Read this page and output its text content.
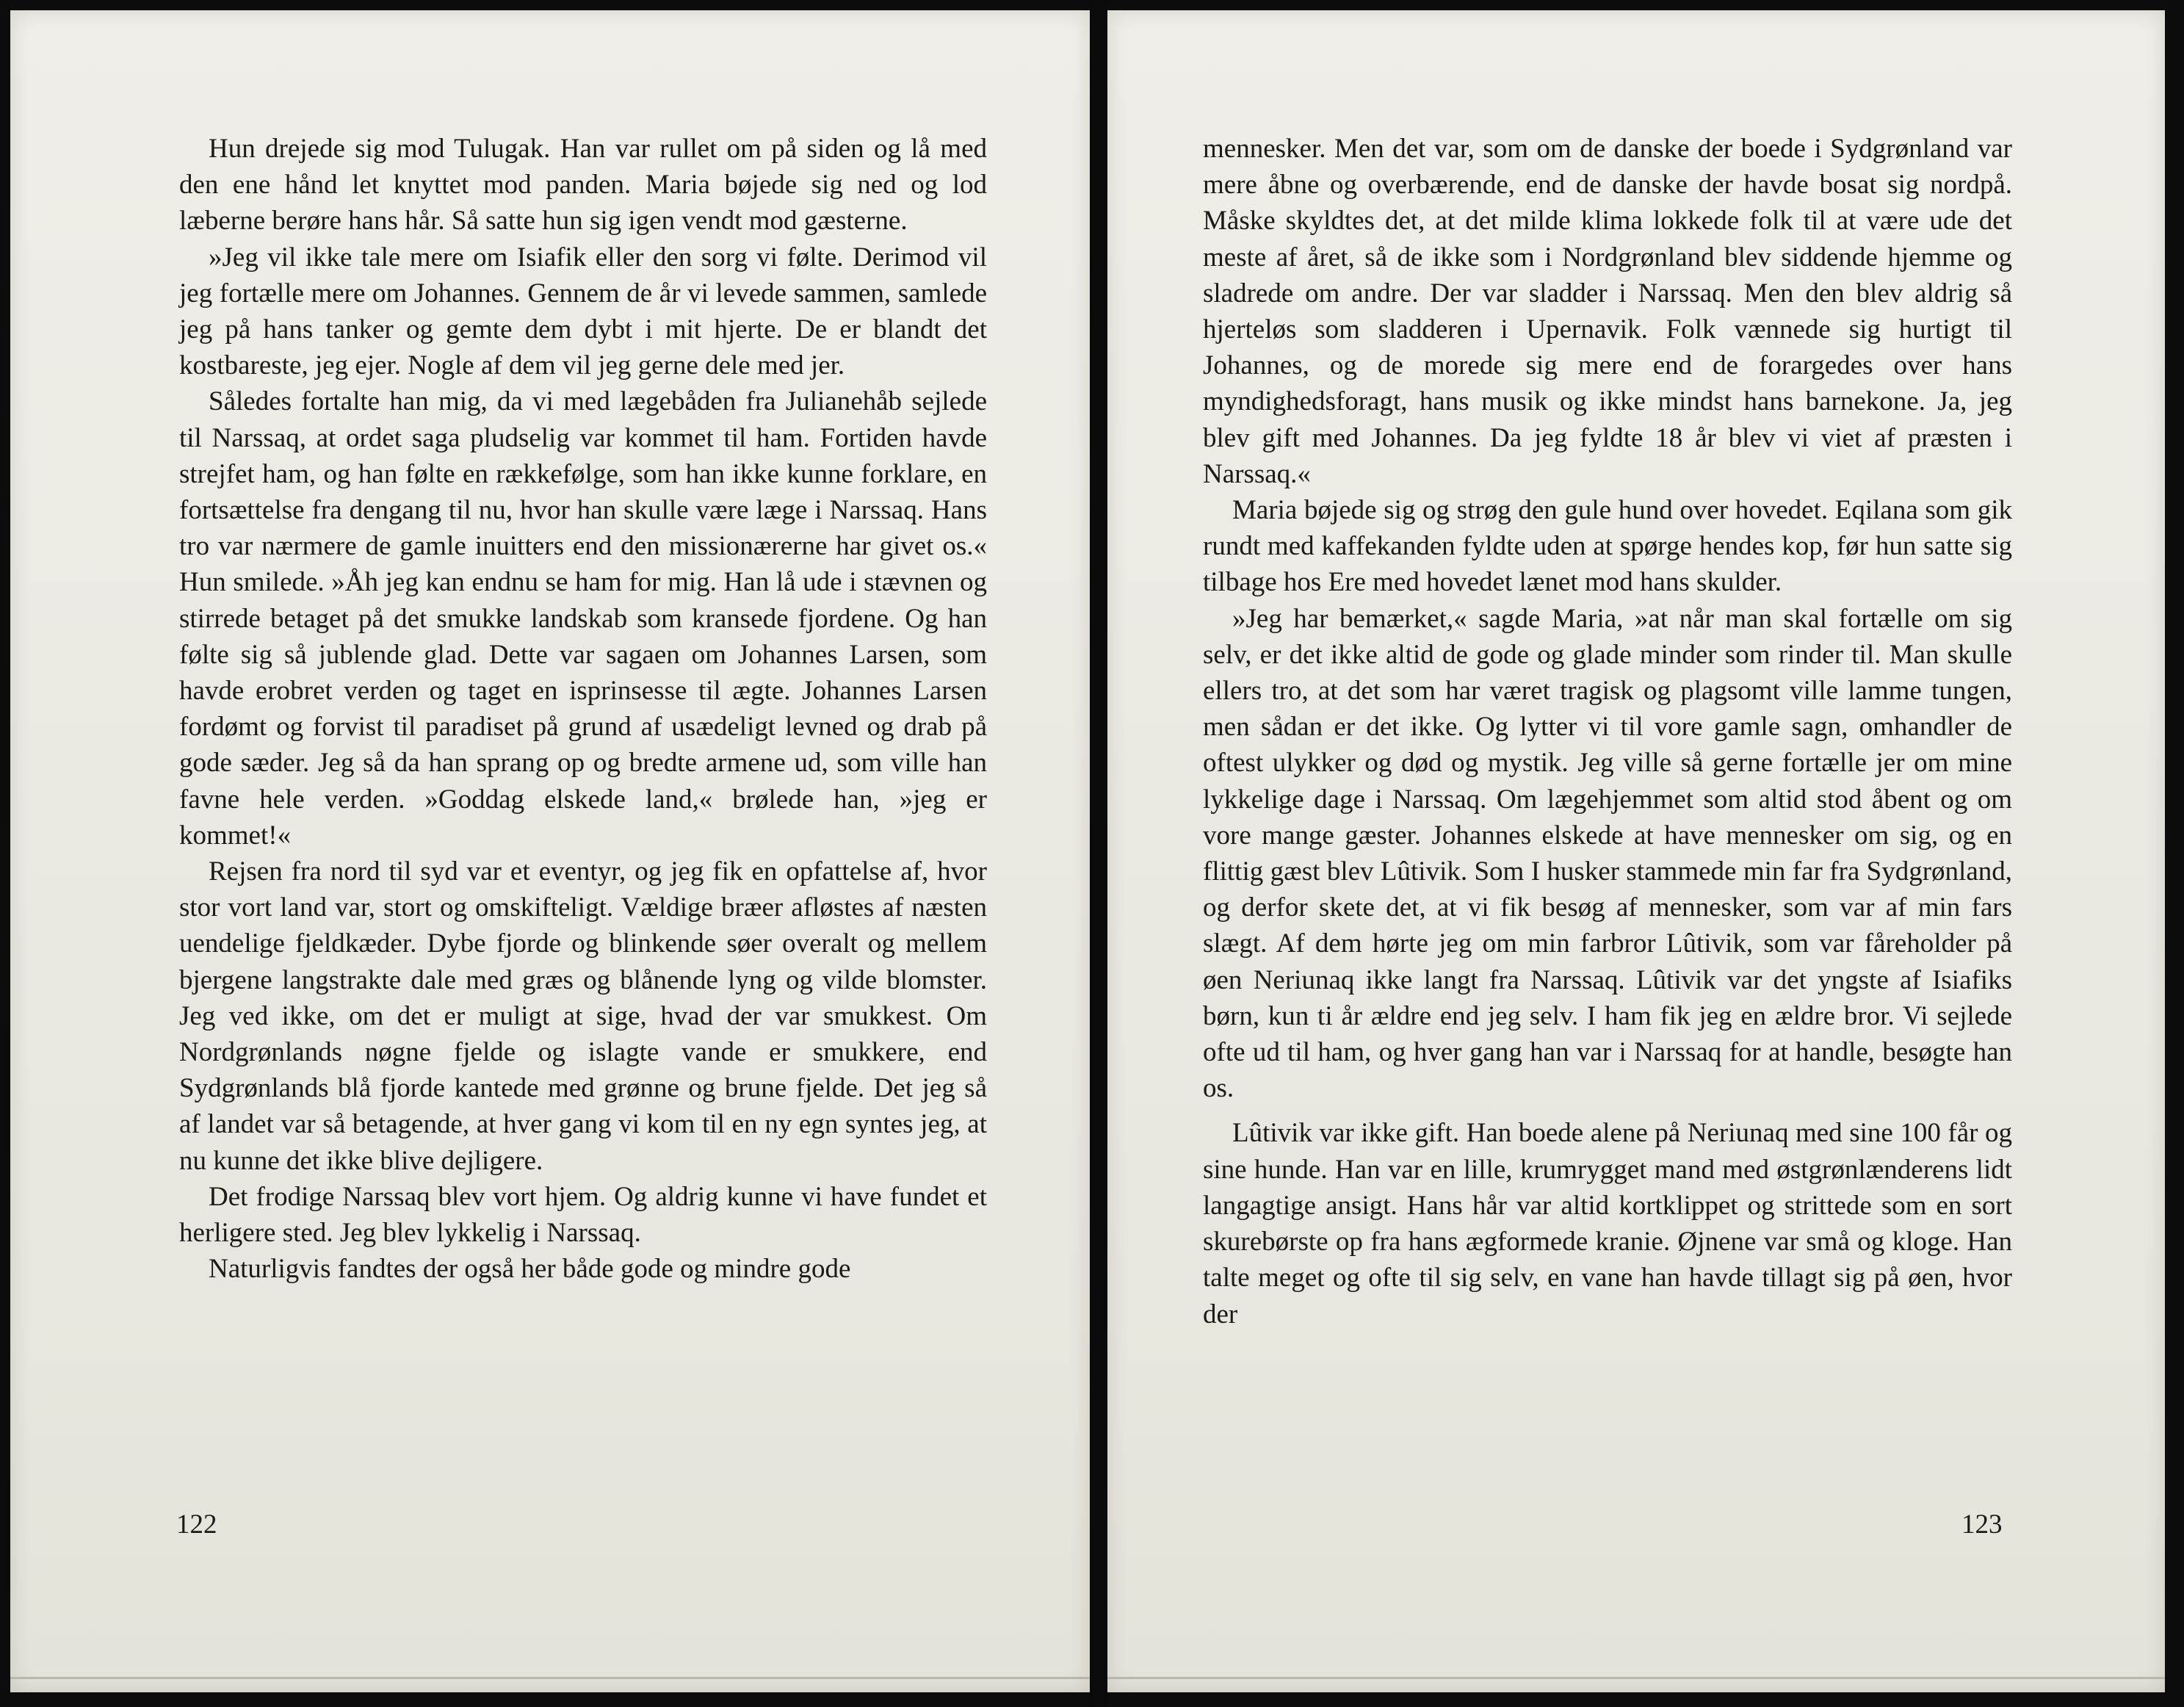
Hun drejede sig mod Tulugak. Han var rullet om på siden og lå med den ene hånd let knyttet mod panden. Maria bøjede sig ned og lod læberne berøre hans hår. Så satte hun sig igen vendt mod gæsterne.

»Jeg vil ikke tale mere om Isiafik eller den sorg vi følte. Derimod vil jeg fortælle mere om Johannes. Gennem de år vi levede sammen, samlede jeg på hans tanker og gemte dem dybt i mit hjerte. De er blandt det kostbareste, jeg ejer. Nogle af dem vil jeg gerne dele med jer.

Således fortalte han mig, da vi med lægebåden fra Julianehåb sejlede til Narssaq, at ordet saga pludselig var kommet til ham. Fortiden havde strejfet ham, og han følte en rækkefølge, som han ikke kunne forklare, en fortsættelse fra dengang til nu, hvor han skulle være læge i Narssaq. Hans tro var nærmere de gamle inuitters end den missionærerne har givet os.« Hun smilede. »Åh jeg kan endnu se ham for mig. Han lå ude i stævnen og stirrede betaget på det smukke landskab som kransede fjordene. Og han følte sig så jublende glad. Dette var sagaen om Johannes Larsen, som havde erobret verden og taget en isprinsesse til ægte. Johannes Larsen fordømt og forvist til paradiset på grund af usædeligt levned og drab på gode sæder. Jeg så da han sprang op og bredte armene ud, som ville han favne hele verden. »Goddag elskede land,« brølede han, »jeg er kommet!«

Rejsen fra nord til syd var et eventyr, og jeg fik en opfattelse af, hvor stor vort land var, stort og omskifteligt. Vældige bræer afløstes af næsten uendelige fjeldkæder. Dybe fjorde og blinkende søer overalt og mellem bjergene langstrakte dale med græs og blånende lyng og vilde blomster. Jeg ved ikke, om det er muligt at sige, hvad der var smukkest. Om Nordgrønlands nøgne fjelde og islagte vande er smukkere, end Sydgrønlands blå fjorde kantede med grønne og brune fjelde. Det jeg så af landet var så betagende, at hver gang vi kom til en ny egn syntes jeg, at nu kunne det ikke blive dejligere.

Det frodige Narssaq blev vort hjem. Og aldrig kunne vi have fundet et herligere sted. Jeg blev lykkelig i Narssaq.

Naturligvis fandtes der også her både gode og mindre gode

122

mennesker. Men det var, som om de danske der boede i Sydgrønland var mere åbne og overbærende, end de danske der havde bosat sig nordpå. Måske skyldtes det, at det milde klima lokkede folk til at være ude det meste af året, så de ikke som i Nordgrønland blev siddende hjemme og sladrede om andre. Der var sladder i Narssaq. Men den blev aldrig så hjerteløs som sladderen i Upernavik. Folk vænnede sig hurtigt til Johannes, og de morede sig mere end de forargedes over hans myndighedsforagt, hans musik og ikke mindst hans barnekone. Ja, jeg blev gift med Johannes. Da jeg fyldte 18 år blev vi viet af præsten i Narssaq.«

Maria bøjede sig og strøg den gule hund over hovedet. Eqilana som gik rundt med kaffekanden fyldte uden at spørge hendes kop, før hun satte sig tilbage hos Ere med hovedet lænet mod hans skulder.

»Jeg har bemærket,« sagde Maria, »at når man skal fortælle om sig selv, er det ikke altid de gode og glade minder som rinder til. Man skulle ellers tro, at det som har været tragisk og plagsomt ville lamme tungen, men sådan er det ikke. Og lytter vi til vore gamle sagn, omhandler de oftest ulykker og død og mystik. Jeg ville så gerne fortælle jer om mine lykkelige dage i Narssaq. Om lægehjemmet som altid stod åbent og om vore mange gæster. Johannes elskede at have mennesker om sig, og en flittig gæst blev Lûtivik. Som I husker stammede min far fra Sydgrønland, og derfor skete det, at vi fik besøg af mennesker, som var af min fars slægt. Af dem hørte jeg om min farbror Lûtivik, som var fåreholder på øen Neriunaq ikke langt fra Narssaq. Lûtivik var det yngste af Isiafiks børn, kun ti år ældre end jeg selv. I ham fik jeg en ældre bror. Vi sejlede ofte ud til ham, og hver gang han var i Narssaq for at handle, besøgte han os.

Lûtivik var ikke gift. Han boede alene på Neriunaq med sine 100 får og sine hunde. Han var en lille, krumrygget mand med østgrønlænderens lidt langagtige ansigt. Hans hår var altid kortklippet og strittede som en sort skurebørste op fra hans ægformede kranie. Øjnene var små og kloge. Han talte meget og ofte til sig selv, en vane han havde tillagt sig på øen, hvor der

123
